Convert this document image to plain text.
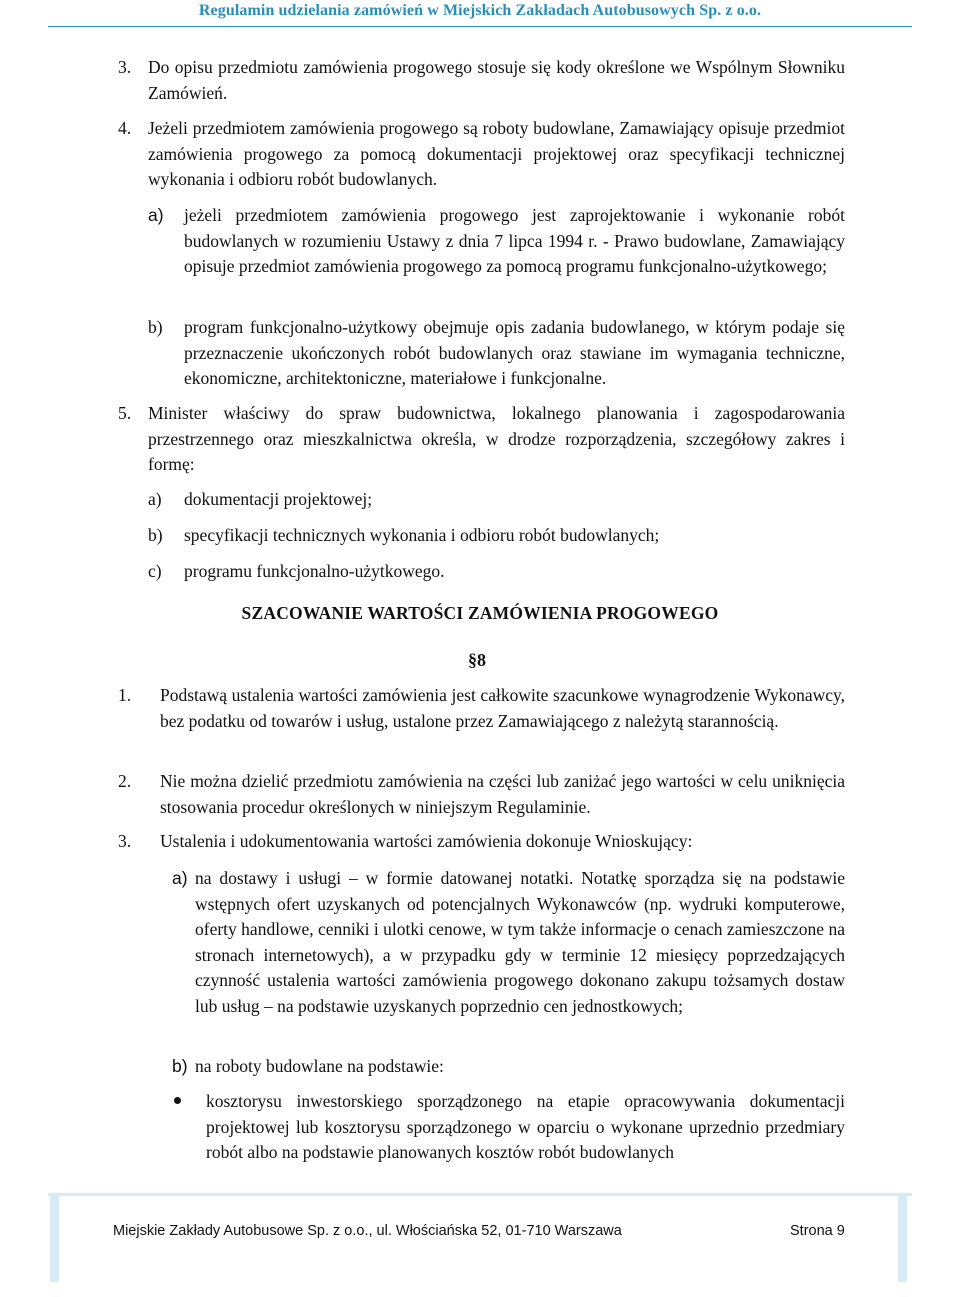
Regulamin udzielania zamówień w Miejskich Zakładach Autobusowych Sp. z o.o.
3. Do opisu przedmiotu zamówienia progowego stosuje się kody określone we Wspólnym Słowniku Zamówień.
4. Jeżeli przedmiotem zamówienia progowego są roboty budowlane, Zamawiający opisuje przedmiot zamówienia progowego za pomocą dokumentacji projektowej oraz specyfikacji technicznej wykonania i odbioru robót budowlanych.
a) jeżeli przedmiotem zamówienia progowego jest zaprojektowanie i wykonanie robót budowlanych w rozumieniu Ustawy z dnia 7 lipca 1994 r. - Prawo budowlane, Zamawiający opisuje przedmiot zamówienia progowego za pomocą programu funkcjonalno-użytkowego;
b) program funkcjonalno-użytkowy obejmuje opis zadania budowlanego, w którym podaje się przeznaczenie ukończonych robót budowlanych oraz stawiane im wymagania techniczne, ekonomiczne, architektoniczne, materiałowe i funkcjonalne.
5. Minister właściwy do spraw budownictwa, lokalnego planowania i zagospodarowania przestrzennego oraz mieszkalnictwa określa, w drodze rozporządzenia, szczegółowy zakres i formę:
a) dokumentacji projektowej;
b) specyfikacji technicznych wykonania i odbioru robót budowlanych;
c) programu funkcjonalno-użytkowego.
SZACOWANIE WARTOŚCI ZAMÓWIENIA PROGOWEGO
§8
1. Podstawą ustalenia wartości zamówienia jest całkowite szacunkowe wynagrodzenie Wykonawcy, bez podatku od towarów i usług, ustalone przez Zamawiającego z należytą starannością.
2. Nie można dzielić przedmiotu zamówienia na części lub zaniżać jego wartości w celu uniknięcia stosowania procedur określonych w niniejszym Regulaminie.
3. Ustalenia i udokumentowania wartości zamówienia dokonuje Wnioskujący:
a) na dostawy i usługi – w formie datowanej notatki. Notatkę sporządza się na podstawie wstępnych ofert uzyskanych od potencjalnych Wykonawców (np. wydruki komputerowe, oferty handlowe, cenniki i ulotki cenowe, w tym także informacje o cenach zamieszczone na stronach internetowych), a w przypadku gdy w terminie 12 miesięcy poprzedzających czynność ustalenia wartości zamówienia progowego dokonano zakupu tożsamych dostaw lub usług – na podstawie uzyskanych poprzednio cen jednostkowych;
b) na roboty budowlane na podstawie:
kosztorysu inwestorskiego sporządzonego na etapie opracowywania dokumentacji projektowej lub kosztorysu sporządzonego w oparciu o wykonane uprzednio przedmiary robót albo na podstawie planowanych kosztów robót budowlanych
Miejskie Zakłady Autobusowe Sp. z o.o., ul. Włościańska 52, 01-710 Warszawa	Strona 9
